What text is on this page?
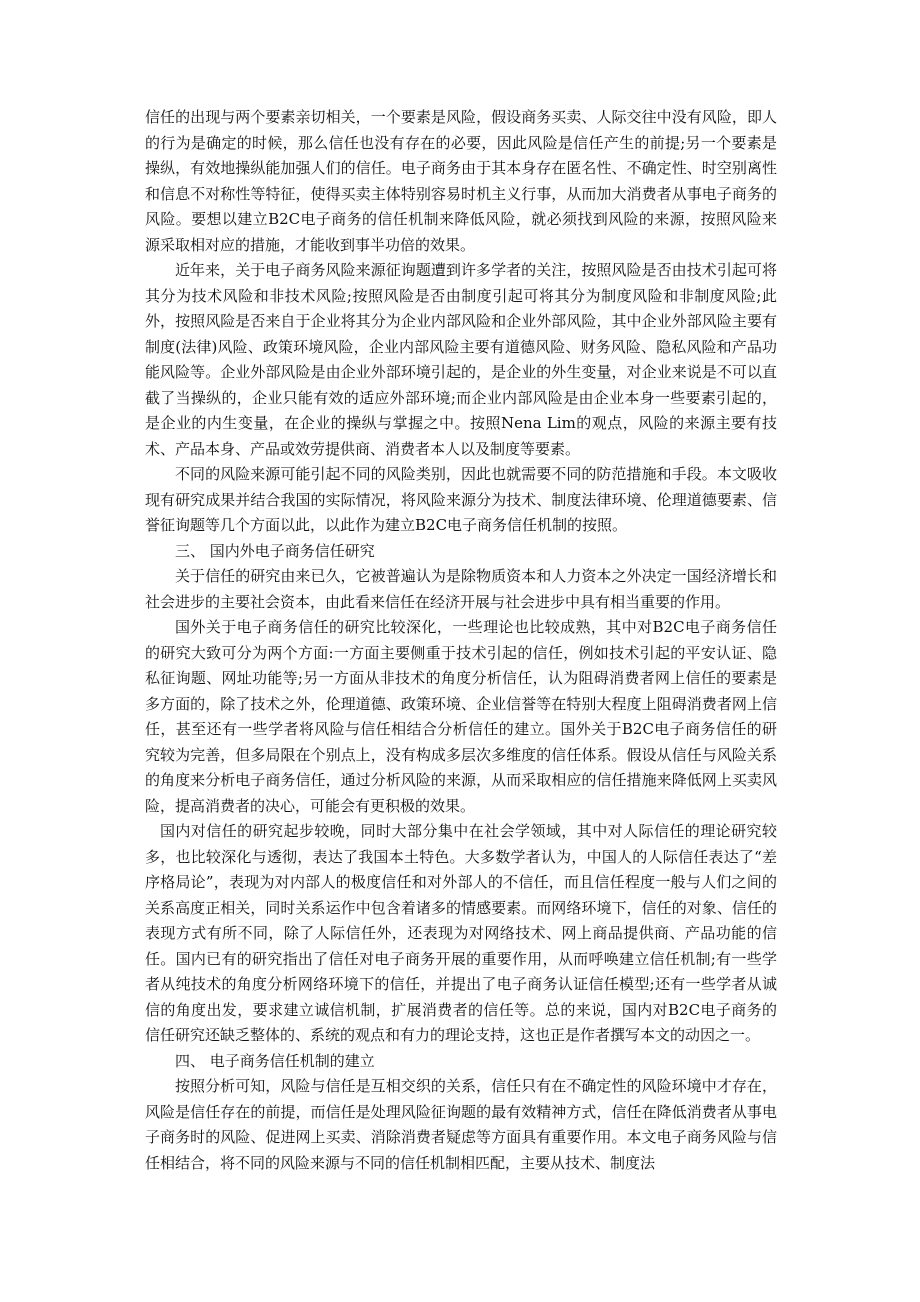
信任的出现与两个要素亲切相关，一个要素是风险，假设商务买卖、人际交往中没有风险，即人的行为是确定的时候，那么信任也没有存在的必要，因此风险是信任产生的前提;另一个要素是操纵，有效地操纵能加强人们的信任。电子商务由于其本身存在匿名性、不确定性、时空别离性和信息不对称性等特征，使得买卖主体特别容易时机主义行事，从而加大消费者从事电子商务的风险。要想以建立B2C电子商务的信任机制来降低风险，就必须找到风险的来源，按照风险来源采取相对应的措施，才能收到事半功倍的效果。

近年来，关于电子商务风险来源征询题遭到许多学者的关注，按照风险是否由技术引起可将其分为技术风险和非技术风险;按照风险是否由制度引起可将其分为制度风险和非制度风险;此外，按照风险是否来自于企业将其分为企业内部风险和企业外部风险，其中企业外部风险主要有制度(法律)风险、政策环境风险，企业内部风险主要有道德风险、财务风险、隐私风险和产品功能风险等。企业外部风险是由企业外部环境引起的，是企业的外生变量，对企业来说是不可以直截了当操纵的，企业只能有效的适应外部环境;而企业内部风险是由企业本身一些要素引起的，是企业的内生变量，在企业的操纵与掌握之中。按照Nena Lim的观点，风险的来源主要有技术、产品本身、产品或效劳提供商、消费者本人以及制度等要素。

不同的风险来源可能引起不同的风险类别，因此也就需要不同的防范措施和手段。本文吸收现有研究成果并结合我国的实际情况，将风险来源分为技术、制度法律环境、伦理道德要素、信誉征询题等几个方面以此，以此作为建立B2C电子商务信任机制的按照。

三、 国内外电子商务信任研究

关于信任的研究由来已久，它被普遍认为是除物质资本和人力资本之外决定一国经济增长和社会进步的主要社会资本，由此看来信任在经济开展与社会进步中具有相当重要的作用。

国外关于电子商务信任的研究比较深化，一些理论也比较成熟，其中对B2C电子商务信任的研究大致可分为两个方面:一方面主要侧重于技术引起的信任，例如技术引起的平安认证、隐私征询题、网址功能等;另一方面从非技术的角度分析信任，认为阻碍消费者网上信任的要素是多方面的，除了技术之外，伦理道德、政策环境、企业信誉等在特别大程度上阻碍消费者网上信任，甚至还有一些学者将风险与信任相结合分析信任的建立。国外关于B2C电子商务信任的研究较为完善，但多局限在个别点上，没有构成多层次多维度的信任体系。假设从信任与风险关系的角度来分析电子商务信任，通过分析风险的来源，从而采取相应的信任措施来降低网上买卖风险，提高消费者的决心，可能会有更积极的效果。

国内对信任的研究起步较晚，同时大部分集中在社会学领域，其中对人际信任的理论研究较多，也比较深化与透彻，表达了我国本土特色。大多数学者认为，中国人的人际信任表达了“差序格局论”，表现为对内部人的极度信任和对外部人的不信任，而且信任程度一般与人们之间的关系高度正相关，同时关系运作中包含着诸多的情感要素。而网络环境下，信任的对象、信任的表现方式有所不同，除了人际信任外，还表现为对网络技术、网上商品提供商、产品功能的信任。国内已有的研究指出了信任对电子商务开展的重要作用，从而呼唤建立信任机制;有一些学者从纯技术的角度分析网络环境下的信任，并提出了电子商务认证信任模型;还有一些学者从诚信的角度出发，要求建立诚信机制，扩展消费者的信任等。总的来说，国内对B2C电子商务的信任研究还缺乏整体的、系统的观点和有力的理论支持，这也正是作者撰写本文的动因之一。

四、 电子商务信任机制的建立

按照分析可知，风险与信任是互相交织的关系，信任只有在不确定性的风险环境中才存在，风险是信任存在的前提，而信任是处理风险征询题的最有效精神方式，信任在降低消费者从事电子商务时的风险、促进网上买卖、消除消费者疑虑等方面具有重要作用。本文电子商务风险与信任相结合，将不同的风险来源与不同的信任机制相匹配，主要从技术、制度法
